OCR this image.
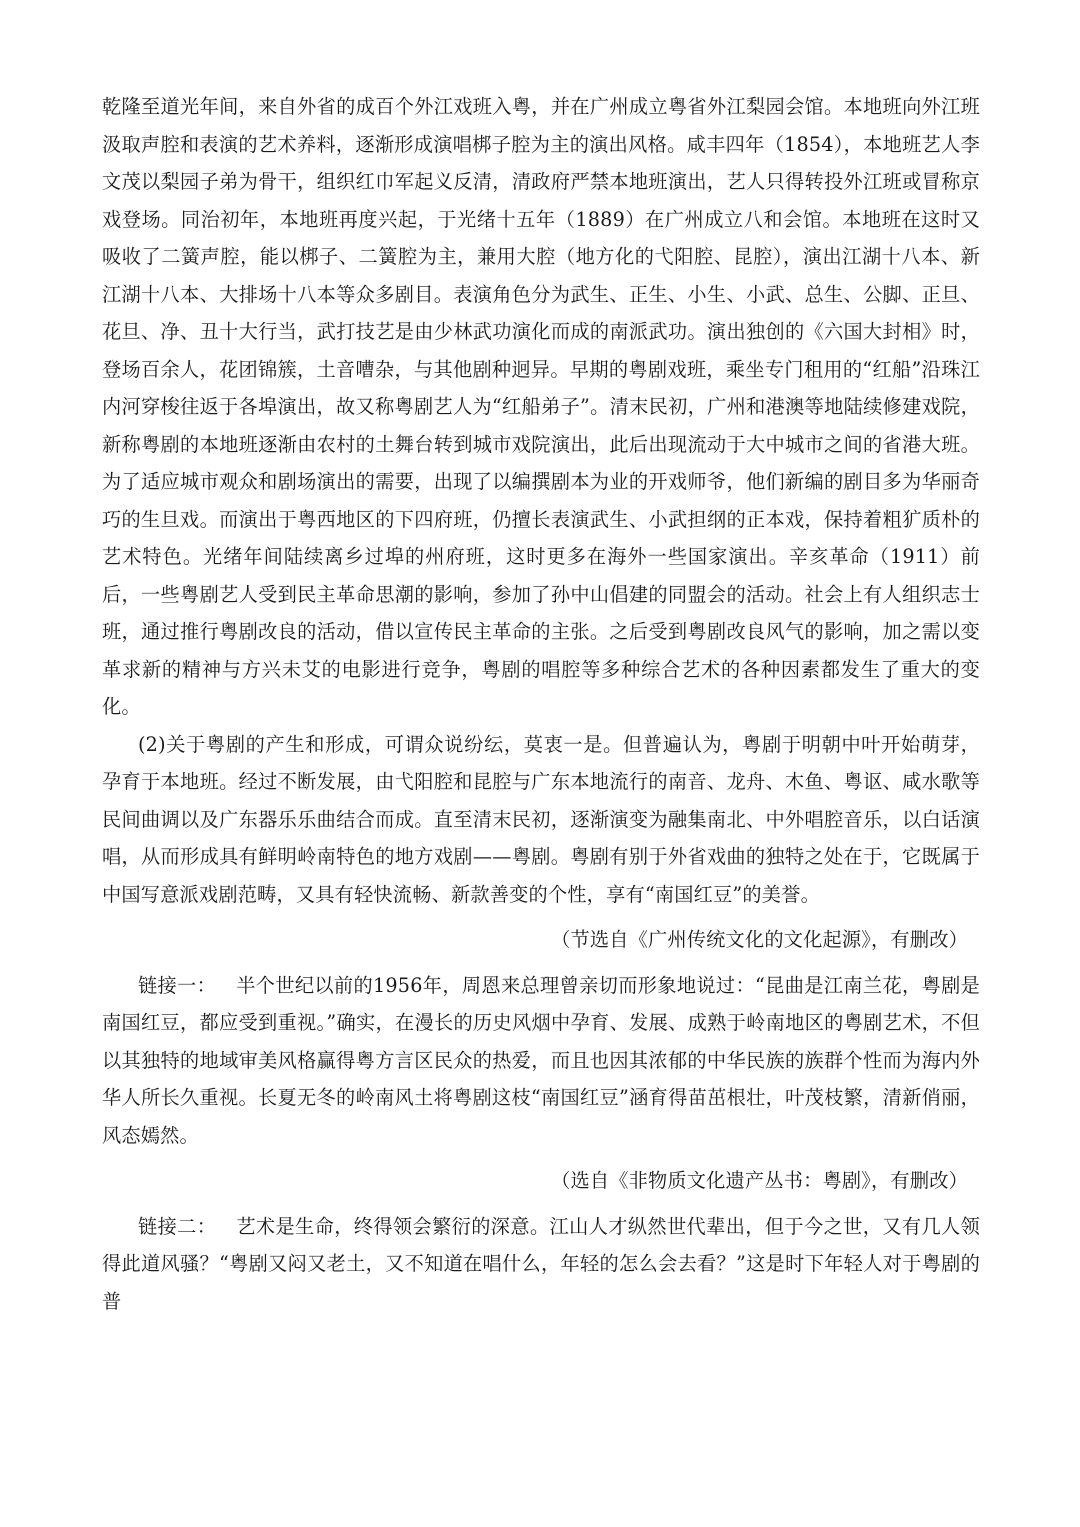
乾隆至道光年间，来自外省的成百个外江戏班入粤，并在广州成立粤省外江梨园会馆。本地班向外江班汲取声腔和表演的艺术养料，逐渐形成演唱梆子腔为主的演出风格。咸丰四年（1854），本地班艺人李文茂以梨园子弟为骨干，组织红巾军起义反清，清政府严禁本地班演出，艺人只得转投外江班或冒称京戏登场。同治初年，本地班再度兴起，于光绪十五年（1889）在广州成立八和会馆。本地班在这时又吸收了二簧声腔，能以梆子、二簧腔为主，兼用大腔（地方化的弋阳腔、昆腔），演出江湖十八本、新江湖十八本、大排场十八本等众多剧目。表演角色分为武生、正生、小生、小武、总生、公脚、正旦、花旦、净、丑十大行当，武打技艺是由少林武功演化而成的南派武功。演出独创的《六国大封相》时，登场百余人，花团锦簇，土音嘈杂，与其他剧种迥异。早期的粤剧戏班，乘坐专门租用的“红船”沿珠江内河穿梭往返于各埠演出，故又称粤剧艺人为“红船弟子”。清末民初，广州和港澳等地陆续修建戏院，新称粤剧的本地班逐渐由农村的土舞台转到城市戏院演出，此后出现流动于大中城市之间的省港大班。为了适应城市观众和剧场演出的需要，出现了以编撰剧本为业的开戏师爷，他们新编的剧目多为华丽奇巧的生旦戏。而演出于粤西地区的下四府班，仍擅长表演武生、小武担纲的正本戏，保持着粗犷质朴的艺术特色。光绪年间陆续离乡过埠的州府班，这时更多在海外一些国家演出。辛亥革命（1911）前后，一些粤剧艺人受到民主革命思潮的影响，参加了孙中山倡建的同盟会的活动。社会上有人组织志士班，通过推行粤剧改良的活动，借以宣传民主革命的主张。之后受到粤剧改良风气的影响，加之需以变革求新的精神与方兴未艾的电影进行竞争，粤剧的唱腔等多种综合艺术的各种因素都发生了重大的变化。

(2)关于粤剧的产生和形成，可谓众说纷纭，莫衷一是。但普遍认为，粤剧于明朝中叶开始萌芽，孕育于本地班。经过不断发展，由弋阳腔和昆腔与广东本地流行的南音、龙舟、木鱼、粤讴、咸水歌等民间曲调以及广东器乐乐曲结合而成。直至清末民初，逐渐演变为融集南北、中外唱腔音乐，以白话演唱，从而形成具有鲜明岭南特色的地方戏剧——粤剧。粤剧有别于外省戏曲的独特之处在于，它既属于中国写意派戏剧范畴，又具有轻快流畅、新款善变的个性，享有“南国红豆”的美誉。

（节选自《广州传统文化的文化起源》，有删改）

链接一： 半个世纪以前的1956年，周恩来总理曾亲切而形象地说过：“昆曲是江南兰花，粤剧是南国红豆，都应受到重视。”确实，在漫长的历史风烟中孕育、发展、成熟于岭南地区的粤剧艺术，不但以其独特的地域审美风格赢得粤方言区民众的热爱，而且也因其浓郁的中华民族的族群个性而为海内外华人所长久重视。长夏无冬的岭南风土将粤剧这枝“南国红豆”涵育得苗茁根壮，叶茂枝繁，清新俏丽，风态嫣然。

（选自《非物质文化遗产丛书：粤剧》，有删改）

链接二： 艺术是生命，终得领会繁衍的深意。江山人才纵然世代辈出，但于今之世，又有几人领得此道风骚？“粤剧又闷又老土，又不知道在唱什么，年轻的怎么会去看？”这是时下年轻人对于粤剧的普
